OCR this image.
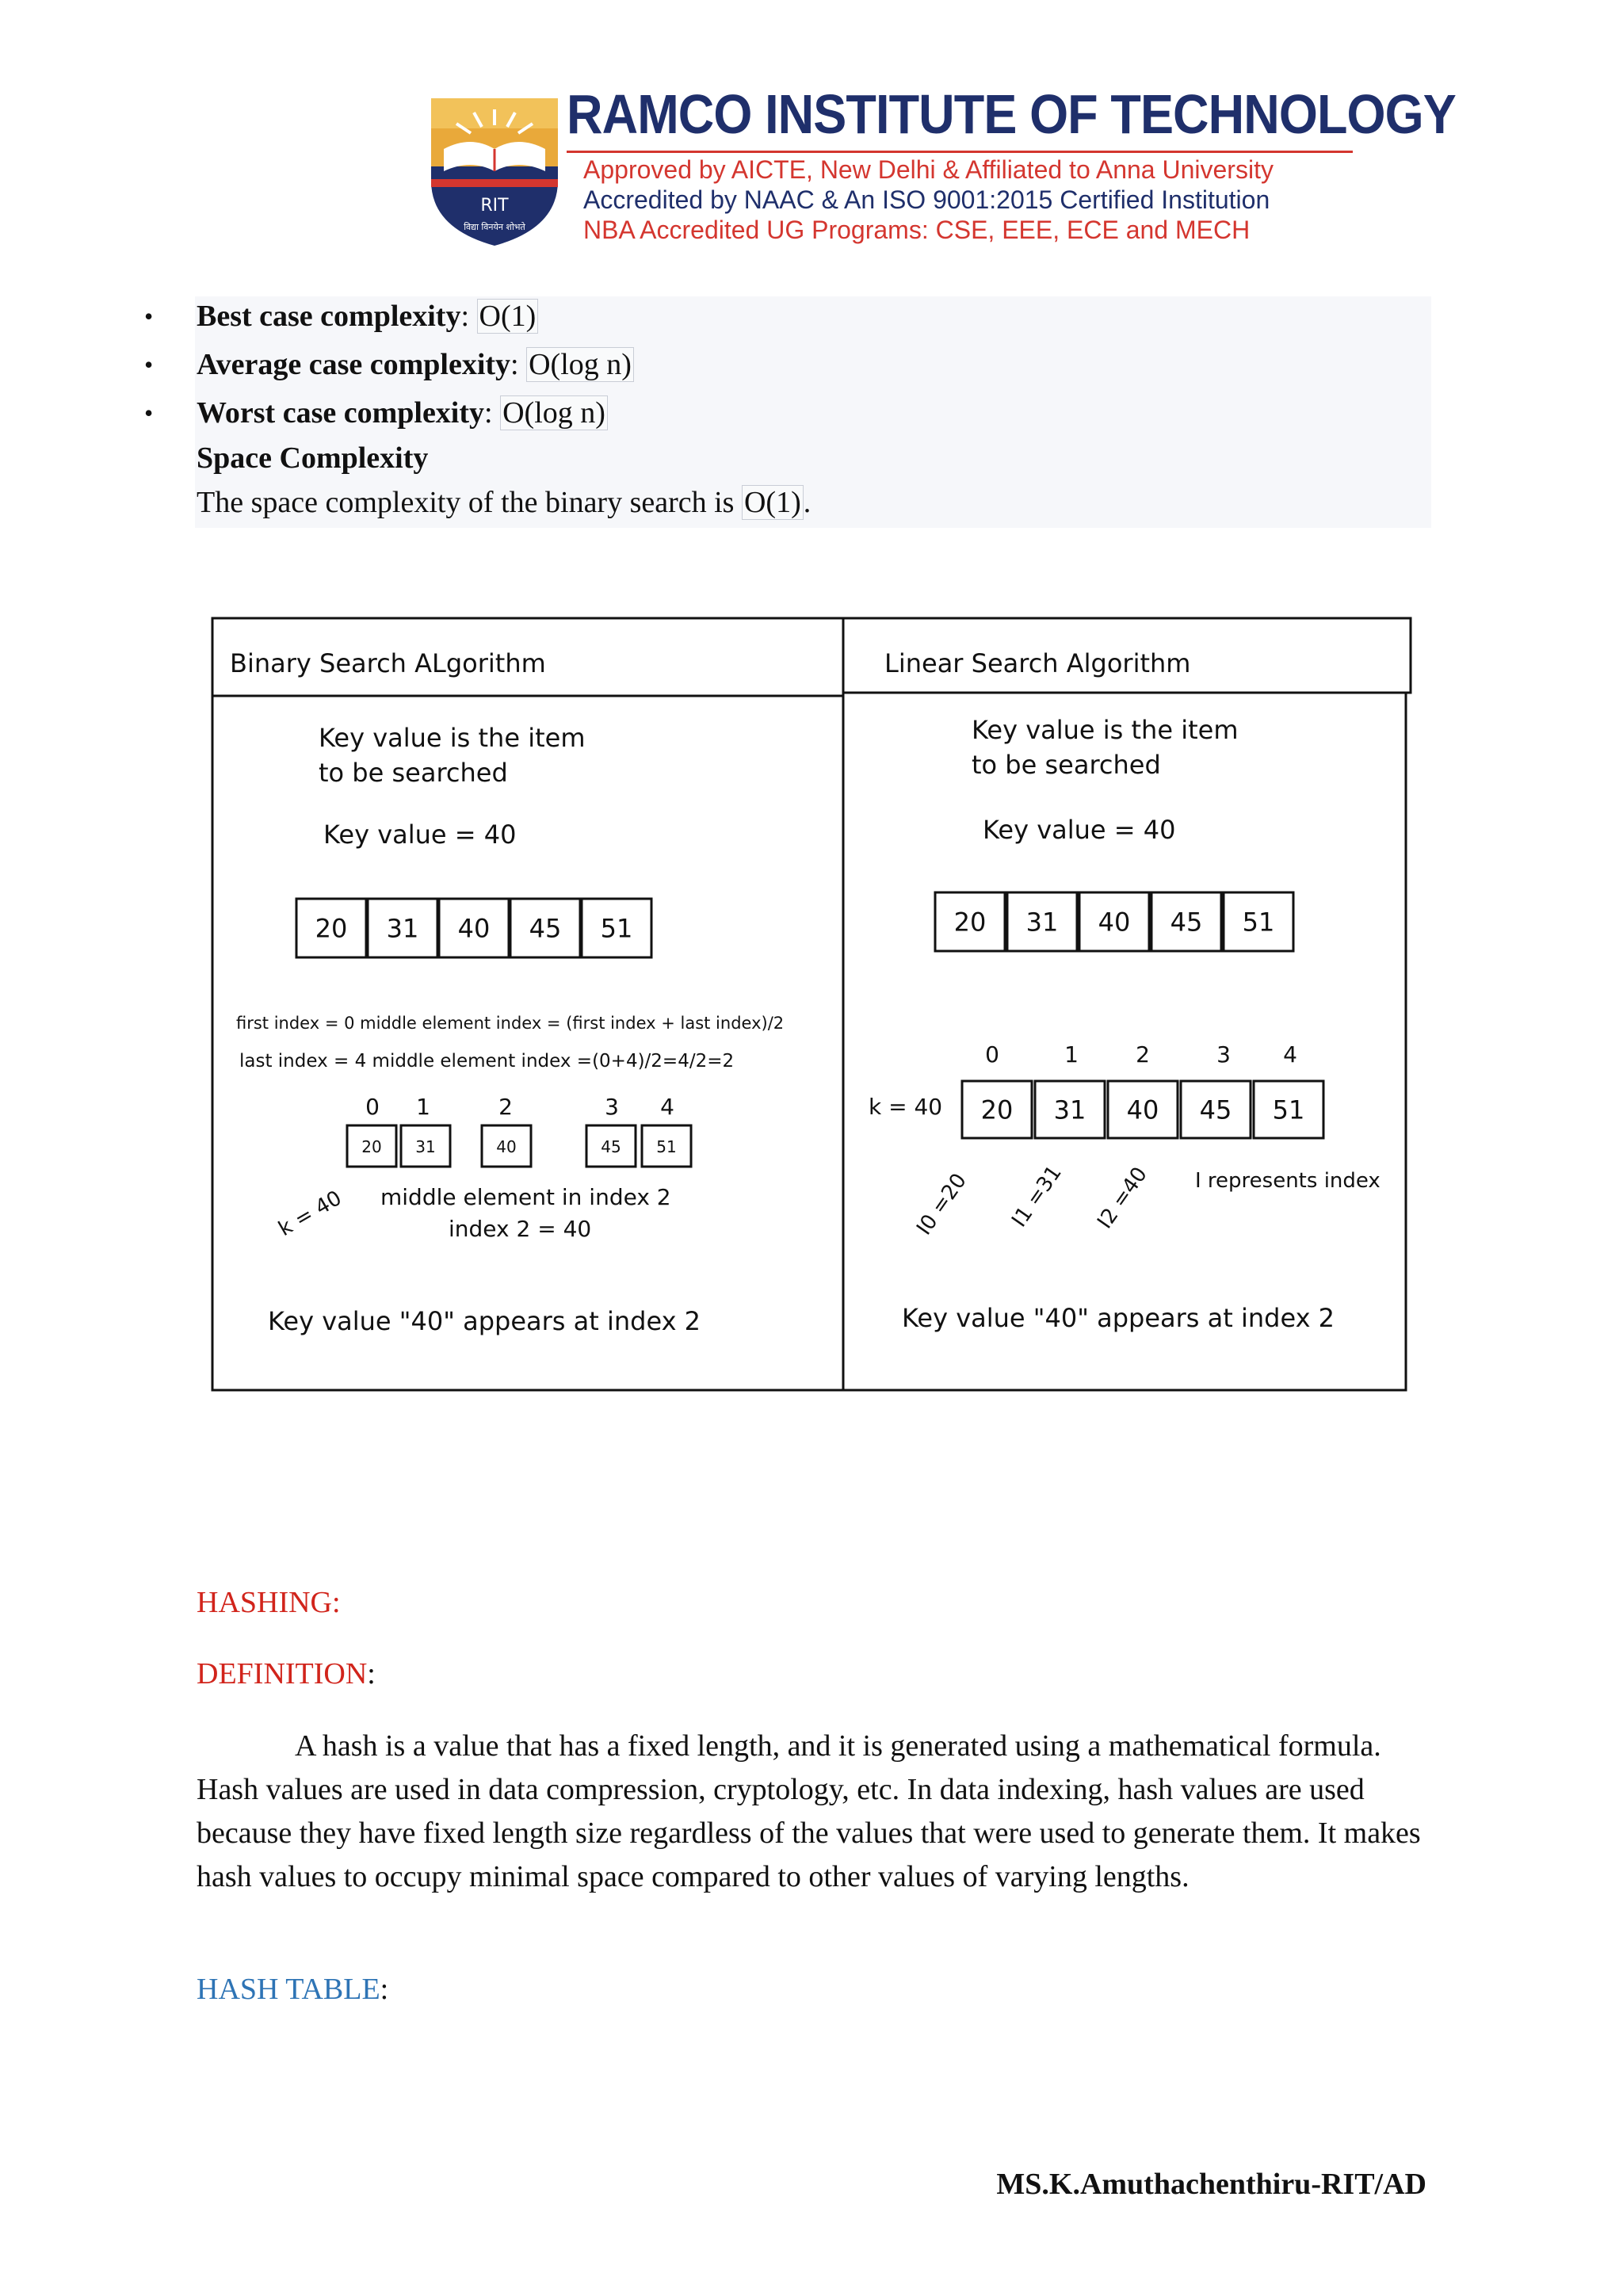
RIT
विद्या विनयेन शोभते
RAMCO INSTITUTE OF TECHNOLOGY
Approved by AICTE, New Delhi & Affiliated to Anna University
Accredited by NAAC & An ISO 9001:2015 Certified Institution
NBA Accredited UG Programs: CSE, EEE, ECE and MECH
• Best case complexity: O(1)
• Average case complexity: O(log n)
• Worst case complexity: O(log n)
Space Complexity
The space complexity of the binary search is O(1).
Binary Search ALgorithm
Key value is the item
to be searched
Key value = 40
20 31 40 45 51
first index = 0 middle element index = (first index + last index)/2
last index = 4 middle element index =(0+4)/2=4/2=2
0 1	2	3 4
20 31	40	45 51
k = 40 middle element in index 2
index 2 = 40
Key value "40" appears at index 2
Linear Search Algorithm
Key value is the item
to be searched
Key value = 40
20 31 40 45 51
0	1	2	3 4
k = 40 20 31 40 45 51
I0 =20 I1 =31 I2 =40 I represents index
Key value "40" appears at index 2
HASHING:
DEFINITION:

A hash is a value that has a fixed length, and it is generated using a mathematical formula. Hash values are used in data compression, cryptology, etc. In data indexing, hash values are used because they have fixed length size regardless of the values that were used to generate them. It makes hash values to occupy minimal space compared to other values of varying lengths.

HASH TABLE:
MS.K.Amuthachenthiru-RIT/AD
